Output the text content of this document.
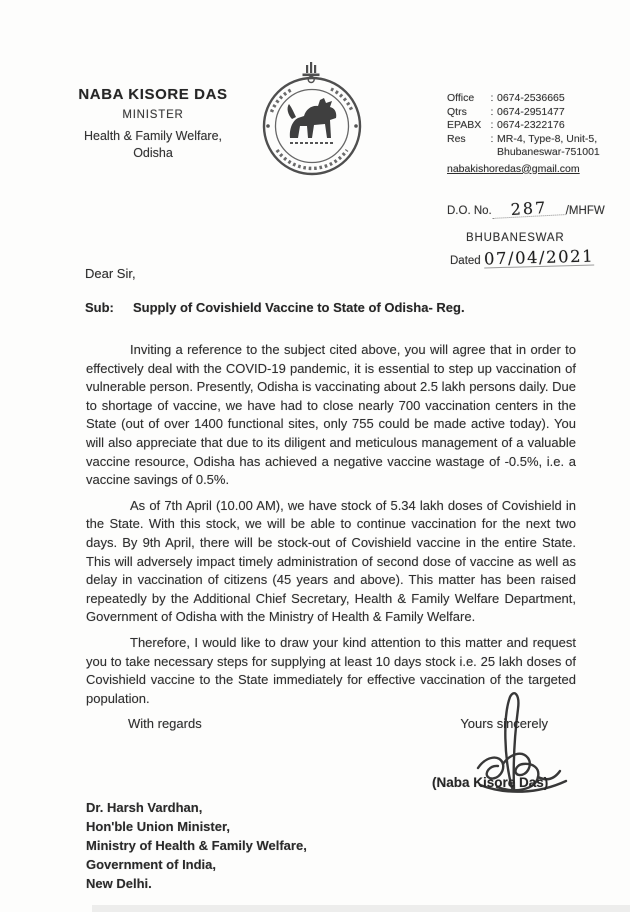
NABA KISORE DAS
MINISTER
Health & Family Welfare,
Odisha
Office	: 0674-2536665
Qtrs	: 0674-2951477
EPABX : 0674-2322176
Res	: MR-4, Type-8, Unit-5,
Bhubaneswar-751001
nabakishoredas@gmail.com
D.O. No.	287	/MHFW
BHUBANESWAR
Dated
07/04/2021
Dear Sir,
Sub:	Supply of Covishield Vaccine to State of Odisha- Reg.

Inviting a reference to the subject cited above, you will agree that in order to effectively deal with the COVID-19 pandemic, it is essential to step up vaccination of vulnerable person. Presently, Odisha is vaccinating about 2.5 lakh persons daily. Due to shortage of vaccine, we have had to close nearly 700 vaccination centers in the State (out of over 1400 functional sites, only 755 could be made active today). You will also appreciate that due to its diligent and meticulous management of a valuable vaccine resource, Odisha has achieved a negative vaccine wastage of -0.5%, i.e. a vaccine savings of 0.5%.

As of 7th April (10.00 AM), we have stock of 5.34 lakh doses of Covishield in the State. With this stock, we will be able to continue vaccination for the next two days. By 9th April, there will be stock-out of Covishield vaccine in the entire State. This will adversely impact timely administration of second dose of vaccine as well as delay in vaccination of citizens (45 years and above). This matter has been raised repeatedly by the Additional Chief Secretary, Health & Family Welfare Department, Government of Odisha with the Ministry of Health & Family Welfare.

Therefore, I would like to draw your kind attention to this matter and request you to take necessary steps for supplying at least 10 days stock i.e. 25 lakh doses of Covishield vaccine to the State immediately for effective vaccination of the targeted population.

With regards	Yours sincerely
(Naba Kisore Das)
Dr. Harsh Vardhan,
Hon'ble Union Minister,
Ministry of Health & Family Welfare,
Government of India,
New Delhi.
